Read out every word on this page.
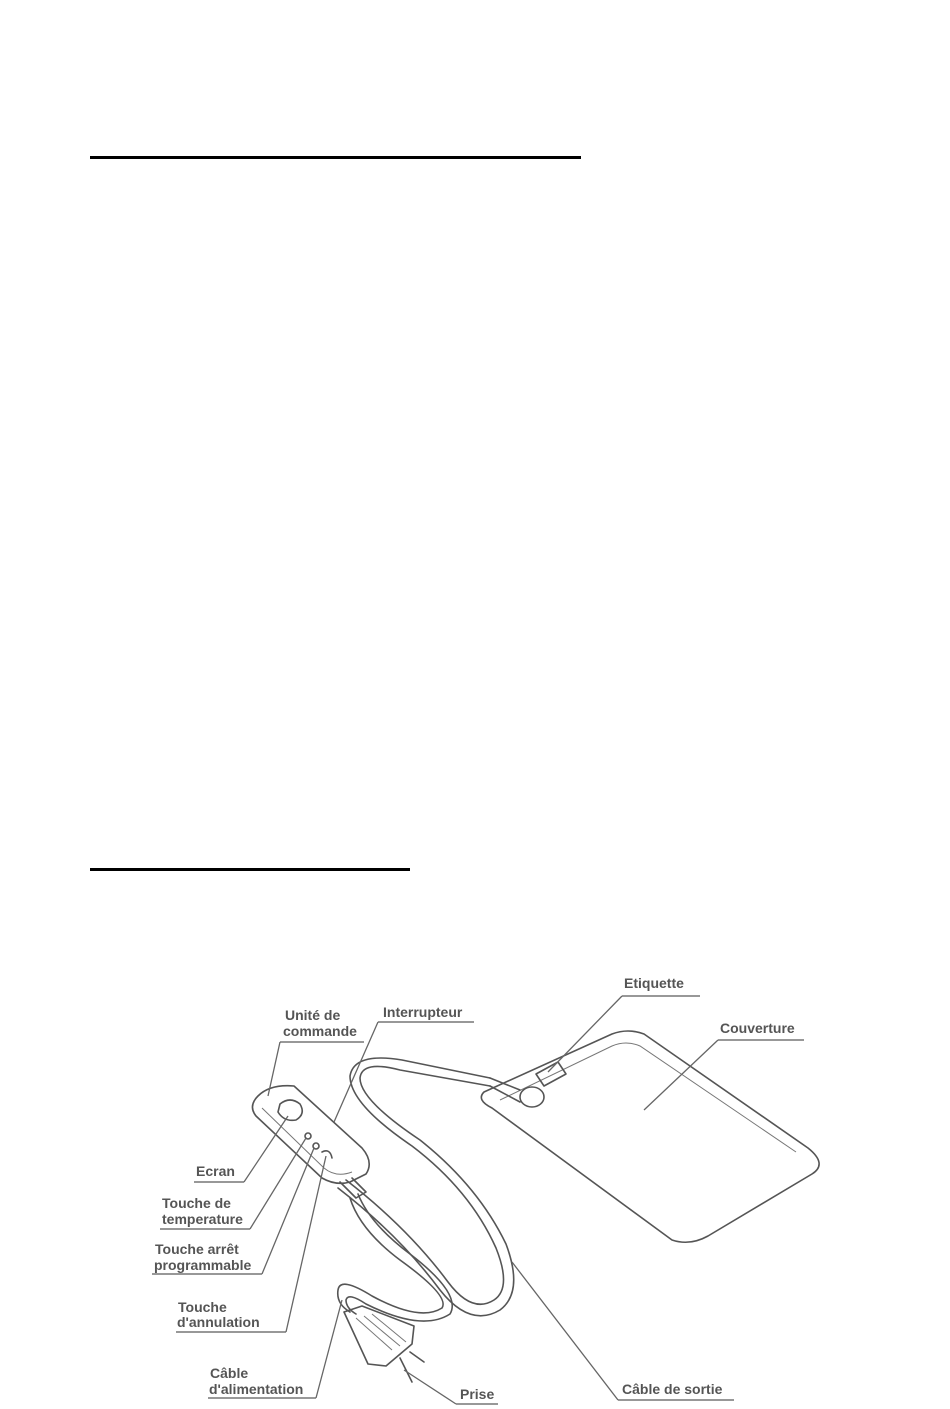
Unité de
commande
Interrupteur
Etiquette
Couverture
Ecran
Touche de
temperature
Touche arrêt
programmable
Touche
d'annulation
Câble
d'alimentation	Prise	Câble de sortie
